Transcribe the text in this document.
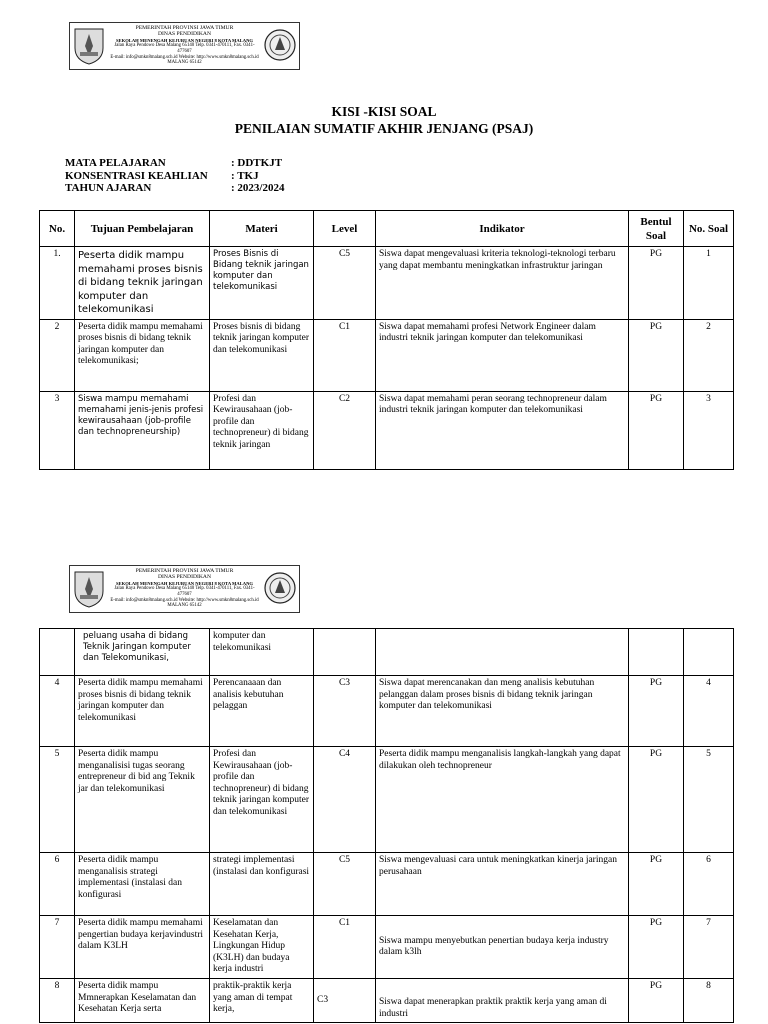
PEMERINTAH PROVINSI JAWA TIMUR
DINAS PENDIDIKAN
SEKOLAH MENENGAH KEJURUAN NEGERI 8 KOTA MALANG
Jalan Raya Pendowo Desa Malang 65140 Telp. 0341-470111, Fax. 0341-477607
E-mail: info@smkn8malang.sch.id Website: http://www.smkn8malang.sch.id
MALANG 65142
KISI -KISI SOAL
PENILAIAN SUMATIF AKHIR JENJANG (PSAJ)
MATA PELAJARAN	: DDTKJT
KONSENTRASI KEAHLIAN	: TKJ
TAHUN AJARAN	: 2023/2024
No.	Tujuan Pembelajaran	Materi	Level	Indikator	Bentul Soal	No. Soal
1.	Peserta didik mampu memahami proses bisnis di bidang teknik jaringan komputer dan telekomunikasi	Proses Bisnis di Bidang teknik jaringan komputer dan telekomunikasi	C5	Siswa dapat mengevaluasi kriteria teknologi-teknologi terbaru yang dapat membantu meningkatkan infrastruktur jaringan	PG	1
2	Peserta didik mampu memahami proses bisnis di bidang teknik jaringan komputer dan telekomunikasi;	Proses bisnis di bidang teknik jaringan komputer dan telekomunikasi	C1	Siswa dapat memahami profesi Network Engineer dalam industri teknik jaringan komputer dan telekomunikasi	PG	2
3	Siswa mampu memahami memahami jenis-jenis profesi kewirausahaan (job-profile dan technopreneurship)	Profesi dan Kewirausahaan (job-profile dan technopreneur) di bidang teknik jaringan	C2	Siswa dapat memahami peran seorang technopreneur dalam industri teknik jaringan komputer dan telekomunikasi	PG	3
PEMERINTAH PROVINSI JAWA TIMUR
DINAS PENDIDIKAN
SEKOLAH MENENGAH KEJURUAN NEGERI 8 KOTA MALANG
Jalan Raya Pendowo Desa Malang 65140 Telp. 0341-470111, Fax. 0341-477607
E-mail: info@smkn8malang.sch.id Website: http://www.smkn8malang.sch.id
MALANG 65142
	peluang usaha di bidang Teknik Jaringan komputer dan Telekomunikasi,	komputer dan telekomunikasi				
4	Peserta didik mampu memahami proses bisnis di bidang teknik jaringan komputer dan telekomunikasi	Perencanaaan dan analisis kebutuhan pelaggan	C3	Siswa dapat merencanakan dan meng analisis kebutuhan pelanggan dalam proses bisnis di bidang teknik jaringan komputer dan telekomunikasi	PG	4
5	Peserta didik mampu menganalisisi tugas seorang entrepreneur di bid ang Teknik jar dan telekomunikasi	Profesi dan Kewirausahaan (job-profile dan technopreneur) di bidang teknik jaringan komputer dan telekomunikasi	C4	Peserta didik mampu menganalisis langkah-langkah yang dapat dilakukan oleh technopreneur	PG	5
6	Peserta didik mampu menganalisis strategi implementasi (instalasi dan konfigurasi	strategi implementasi (instalasi dan konfigurasi	C5	Siswa mengevaluasi cara untuk meningkatkan kinerja jaringan perusahaan	PG	6
7	Peserta didik mampu memahami pengertian budaya kerjavindustri dalam K3LH	Keselamatan dan Kesehatan Kerja, Lingkungan Hidup (K3LH) dan budaya kerja industri	C1	Siswa mampu menyebutkan penertian budaya kerja industry dalam k3lh	PG	7
8	Peserta didik mampu Mmnerapkan Keselamatan dan Kesehatan Kerja serta	praktik-praktik kerja yang aman di tempat kerja,	C3	Siswa dapat menerapkan praktik praktik kerja yang aman di industri	PG	8
